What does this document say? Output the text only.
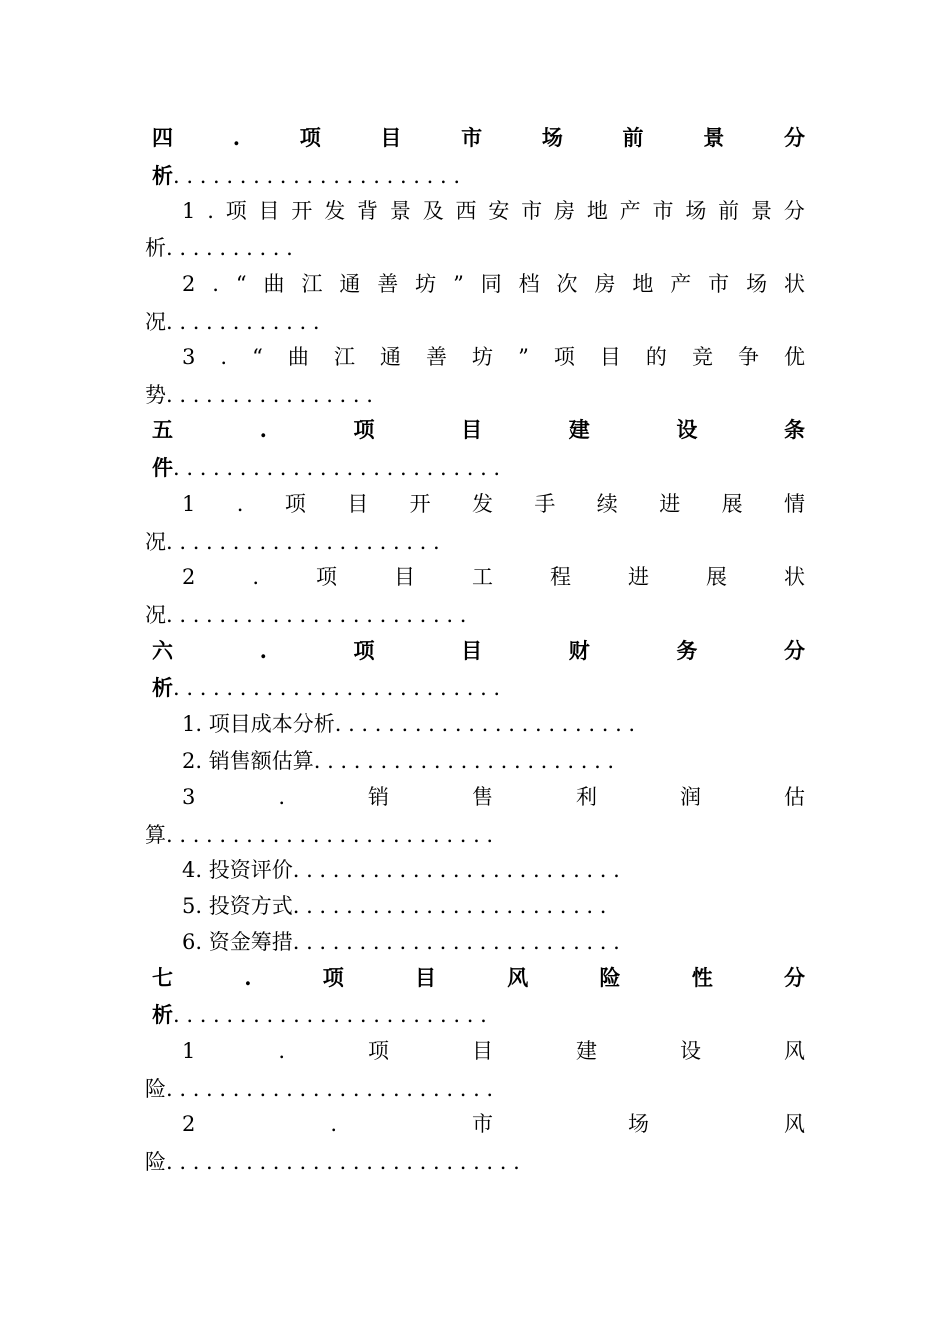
四	.	项	目	市	场	前	景	分
析. . . . . . . . . . . . . . . . . . . . . .
1 . 项 目 开 发 背 景 及 西 安 市 房 地 产 市 场 前 景 分
析. . . . . . . . . .
2 . “ 曲 江 通 善 坊 ” 同 档 次 房 地 产 市 场 状
况. . . . . . . . . . . .
3 . “ 曲 江 通 善 坊 ” 项 目 的 竞 争 优
势. . . . . . . . . . . . . . . .
五	.	项	目	建	设	条
件. . . . . . . . . . . . . . . . . . . . . . . . .
1 . 项 目 开 发 手 续 进 展 情
况. . . . . . . . . . . . . . . . . . . . .
2	.	项	目	工	程	进	展	状
况. . . . . . . . . . . . . . . . . . . . . . .
六	.	项	目	财	务	分
析. . . . . . . . . . . . . . . . . . . . . . . . .
1. 项目成本分析. . . . . . . . . . . . . . . . . . . . . . .
2. 销售额估算. . . . . . . . . . . . . . . . . . . . . . .
3	.	销	售	利	润	估
算. . . . . . . . . . . . . . . . . . . . . . . . .
4. 投资评价. . . . . . . . . . . . . . . . . . . . . . . . .
5. 投资方式. . . . . . . . . . . . . . . . . . . . . . . .
6. 资金筹措. . . . . . . . . . . . . . . . . . . . . . . . .
七	.	项	目	风	险	性	分
析. . . . . . . . . . . . . . . . . . . . . . . .
1	.	项	目	建	设	风
险. . . . . . . . . . . . . . . . . . . . . . . . .
2	.	市	场	风
险. . . . . . . . . . . . . . . . . . . . . . . . . . .
